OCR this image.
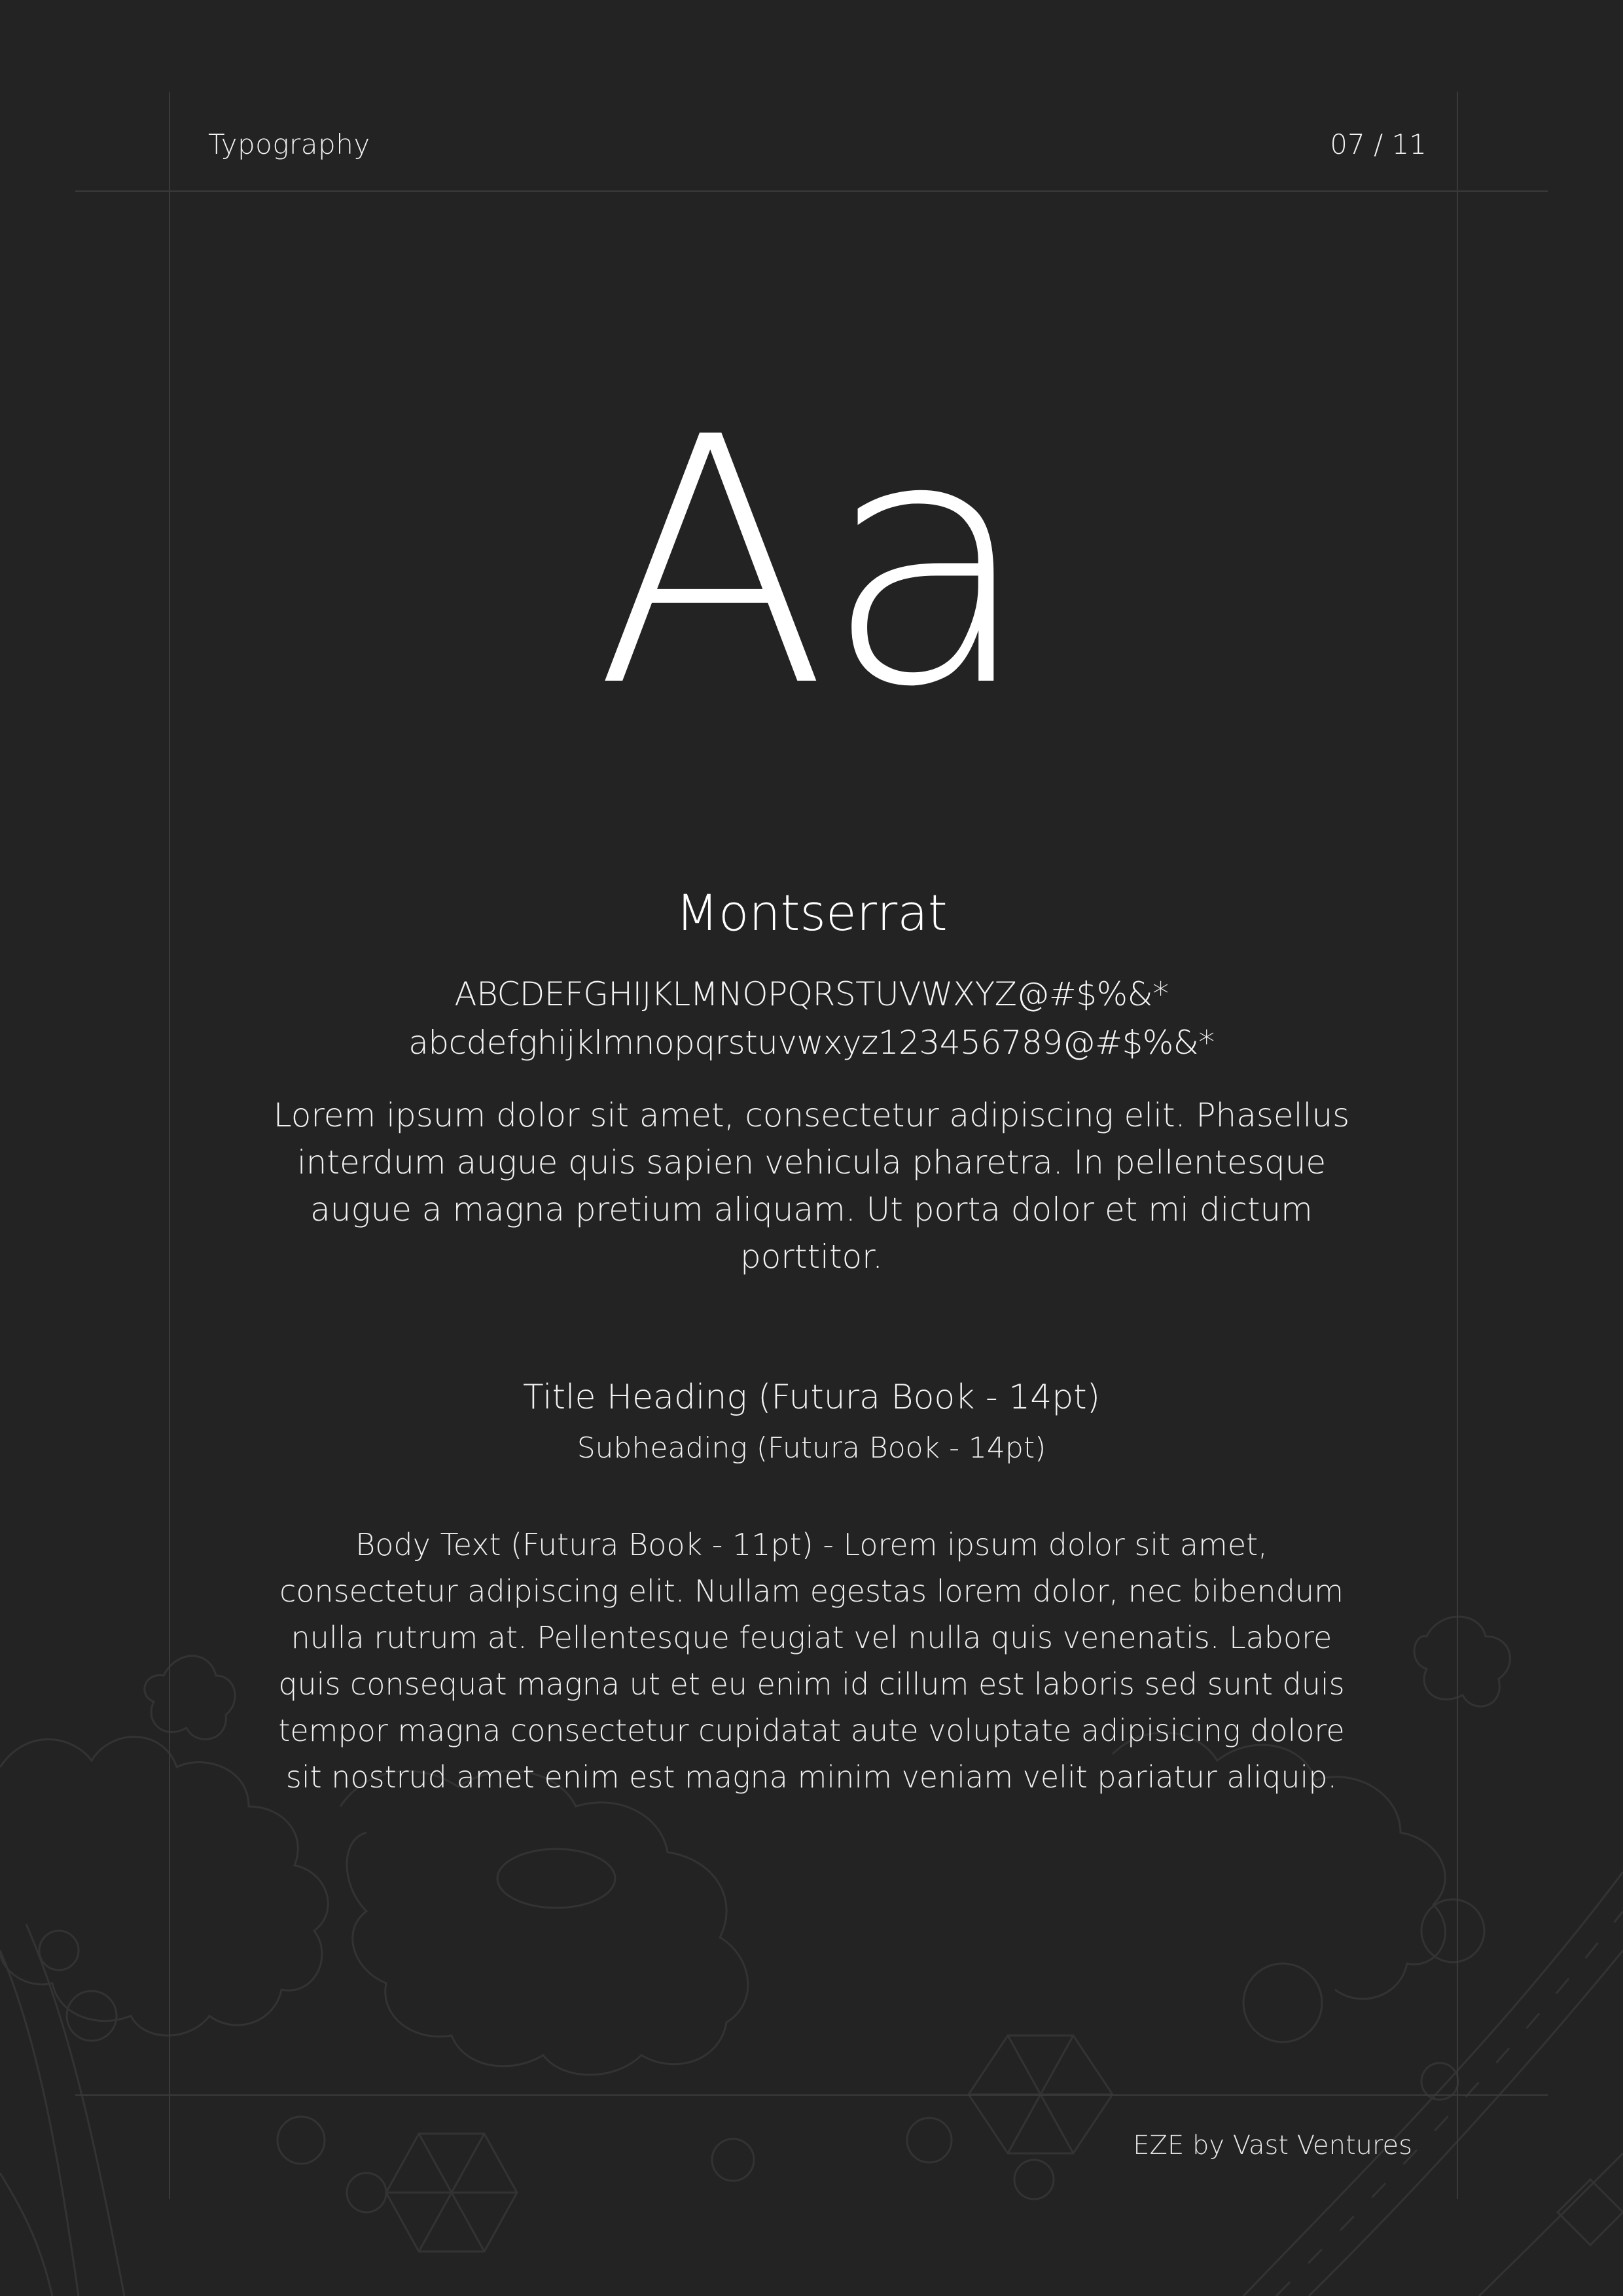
Typography	07 / 11
Aa
Montserrat
ABCDEFGHIJKLMNOPQRSTUVWXYZ@#$%&*
abcdefghijklmnopqrstuvwxyz123456789@#$%&*
Lorem ipsum dolor sit amet, consectetur adipiscing elit. Phasellus interdum augue quis sapien vehicula pharetra. In pellentesque augue a magna pretium aliquam. Ut porta dolor et mi dictum porttitor.
Title Heading (Futura Book - 14pt)
Subheading (Futura Book - 14pt)
Body Text (Futura Book - 11pt) - Lorem ipsum dolor sit amet, consectetur adipiscing elit. Nullam egestas lorem dolor, nec bibendum nulla rutrum at. Pellentesque feugiat vel nulla quis venenatis. Labore quis consequat magna ut et eu enim id cillum est laboris sed sunt duis tempor magna consectetur cupidatat aute voluptate adipisicing dolore sit nostrud amet enim est magna minim veniam velit pariatur aliquip.
EZE by Vast Ventures
